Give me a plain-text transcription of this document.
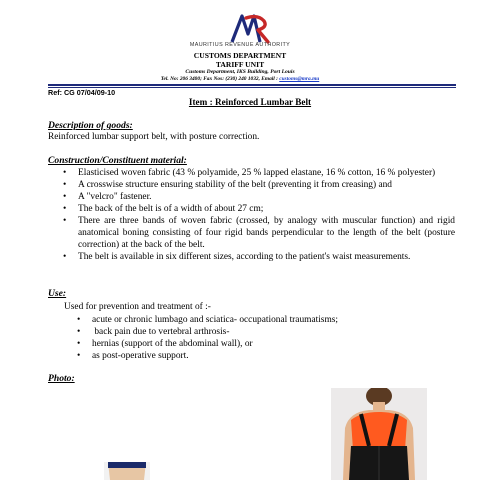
MAURITIUS REVENUE AUTHORITY
CUSTOMS DEPARTMENT
TARIFF UNIT
Customs Department, IKS Building, Port Louis
Tel. No: 206 3400; Fax Nos: (230) 240 1032, Email : customs@mra.mu
Ref: CG 07/04/09-10
Item : Reinforced Lumbar Belt
Description of goods:
Reinforced lumbar support belt, with posture correction.
Construction/Constituent material:
• Elasticised woven fabric (43 % polyamide, 25 % lapped elastane, 16 % cotton, 16 % polyester)
• A crosswise structure ensuring stability of the belt (preventing it from creasing) and
• A "velcro" fastener.
• The back of the belt is of a width of about 27 cm;
• There are three bands of woven fabric (crossed, by analogy with muscular function) and rigid anatomical boning consisting of four rigid bands perpendicular to the length of the belt (posture correction) at the back of the belt.
• The belt is available in six different sizes, according to the patient's waist measurements.
Use:
Used for prevention and treatment of :-
• acute or chronic lumbago and sciatica- occupational traumatisms;
• back pain due to vertebral arthrosis-
• hernias (support of the abdominal wall), or
• as post-operative support.
Photo:
